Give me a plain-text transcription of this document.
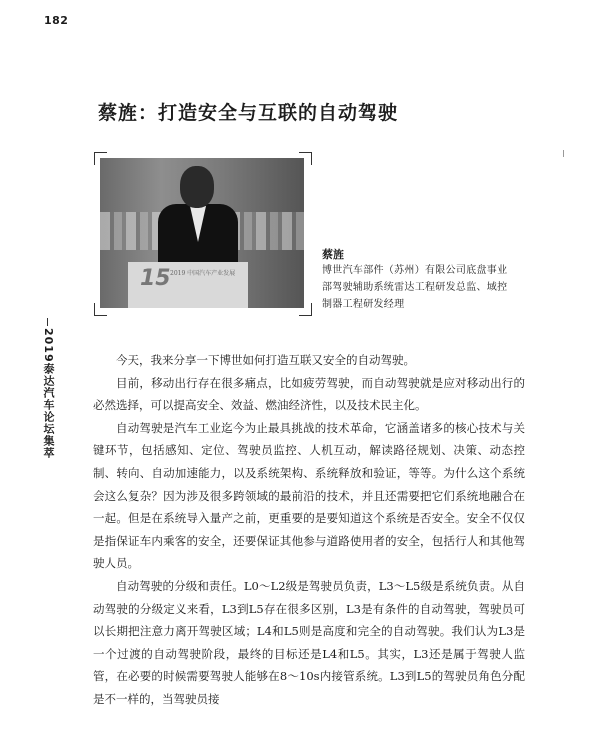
182
蔡旌：打造安全与互联的自动驾驶
15 2019 中国汽车产业发展
蔡旌
博世汽车部件（苏州）有限公司底盘事业部驾驶辅助系统雷达工程研发总监、域控制器工程研发经理
2019泰达汽车论坛集萃	今天，我来分享一下博世如何打造互联又安全的自动驾驶。

目前，移动出行存在很多痛点，比如疲劳驾驶，而自动驾驶就是应对移动出行的必然选择，可以提高安全、效益、燃油经济性，以及技术民主化。

自动驾驶是汽车工业迄今为止最具挑战的技术革命，它涵盖诸多的核心技术与关键环节，包括感知、定位、驾驶员监控、人机互动，解读路径规划、决策、动态控制、转向、自动加速能力，以及系统架构、系统释放和验证，等等。为什么这个系统会这么复杂？因为涉及很多跨领域的最前沿的技术，并且还需要把它们系统地融合在一起。但是在系统导入量产之前，更重要的是要知道这个系统是否安全。安全不仅仅是指保证车内乘客的安全，还要保证其他参与道路使用者的安全，包括行人和其他驾驶人员。

自动驾驶的分级和责任。L0～L2级是驾驶员负责，L3～L5级是系统负责。从自动驾驶的分级定义来看，L3到L5存在很多区别，L3是有条件的自动驾驶，驾驶员可以长期把注意力离开驾驶区域；L4和L5则是高度和完全的自动驾驶。我们认为L3是一个过渡的自动驾驶阶段，最终的目标还是L4和L5。其实，L3还是属于驾驶人监管，在必要的时候需要驾驶人能够在8～10s内接管系统。L3到L5的驾驶员角色分配是不一样的，当驾驶员接
